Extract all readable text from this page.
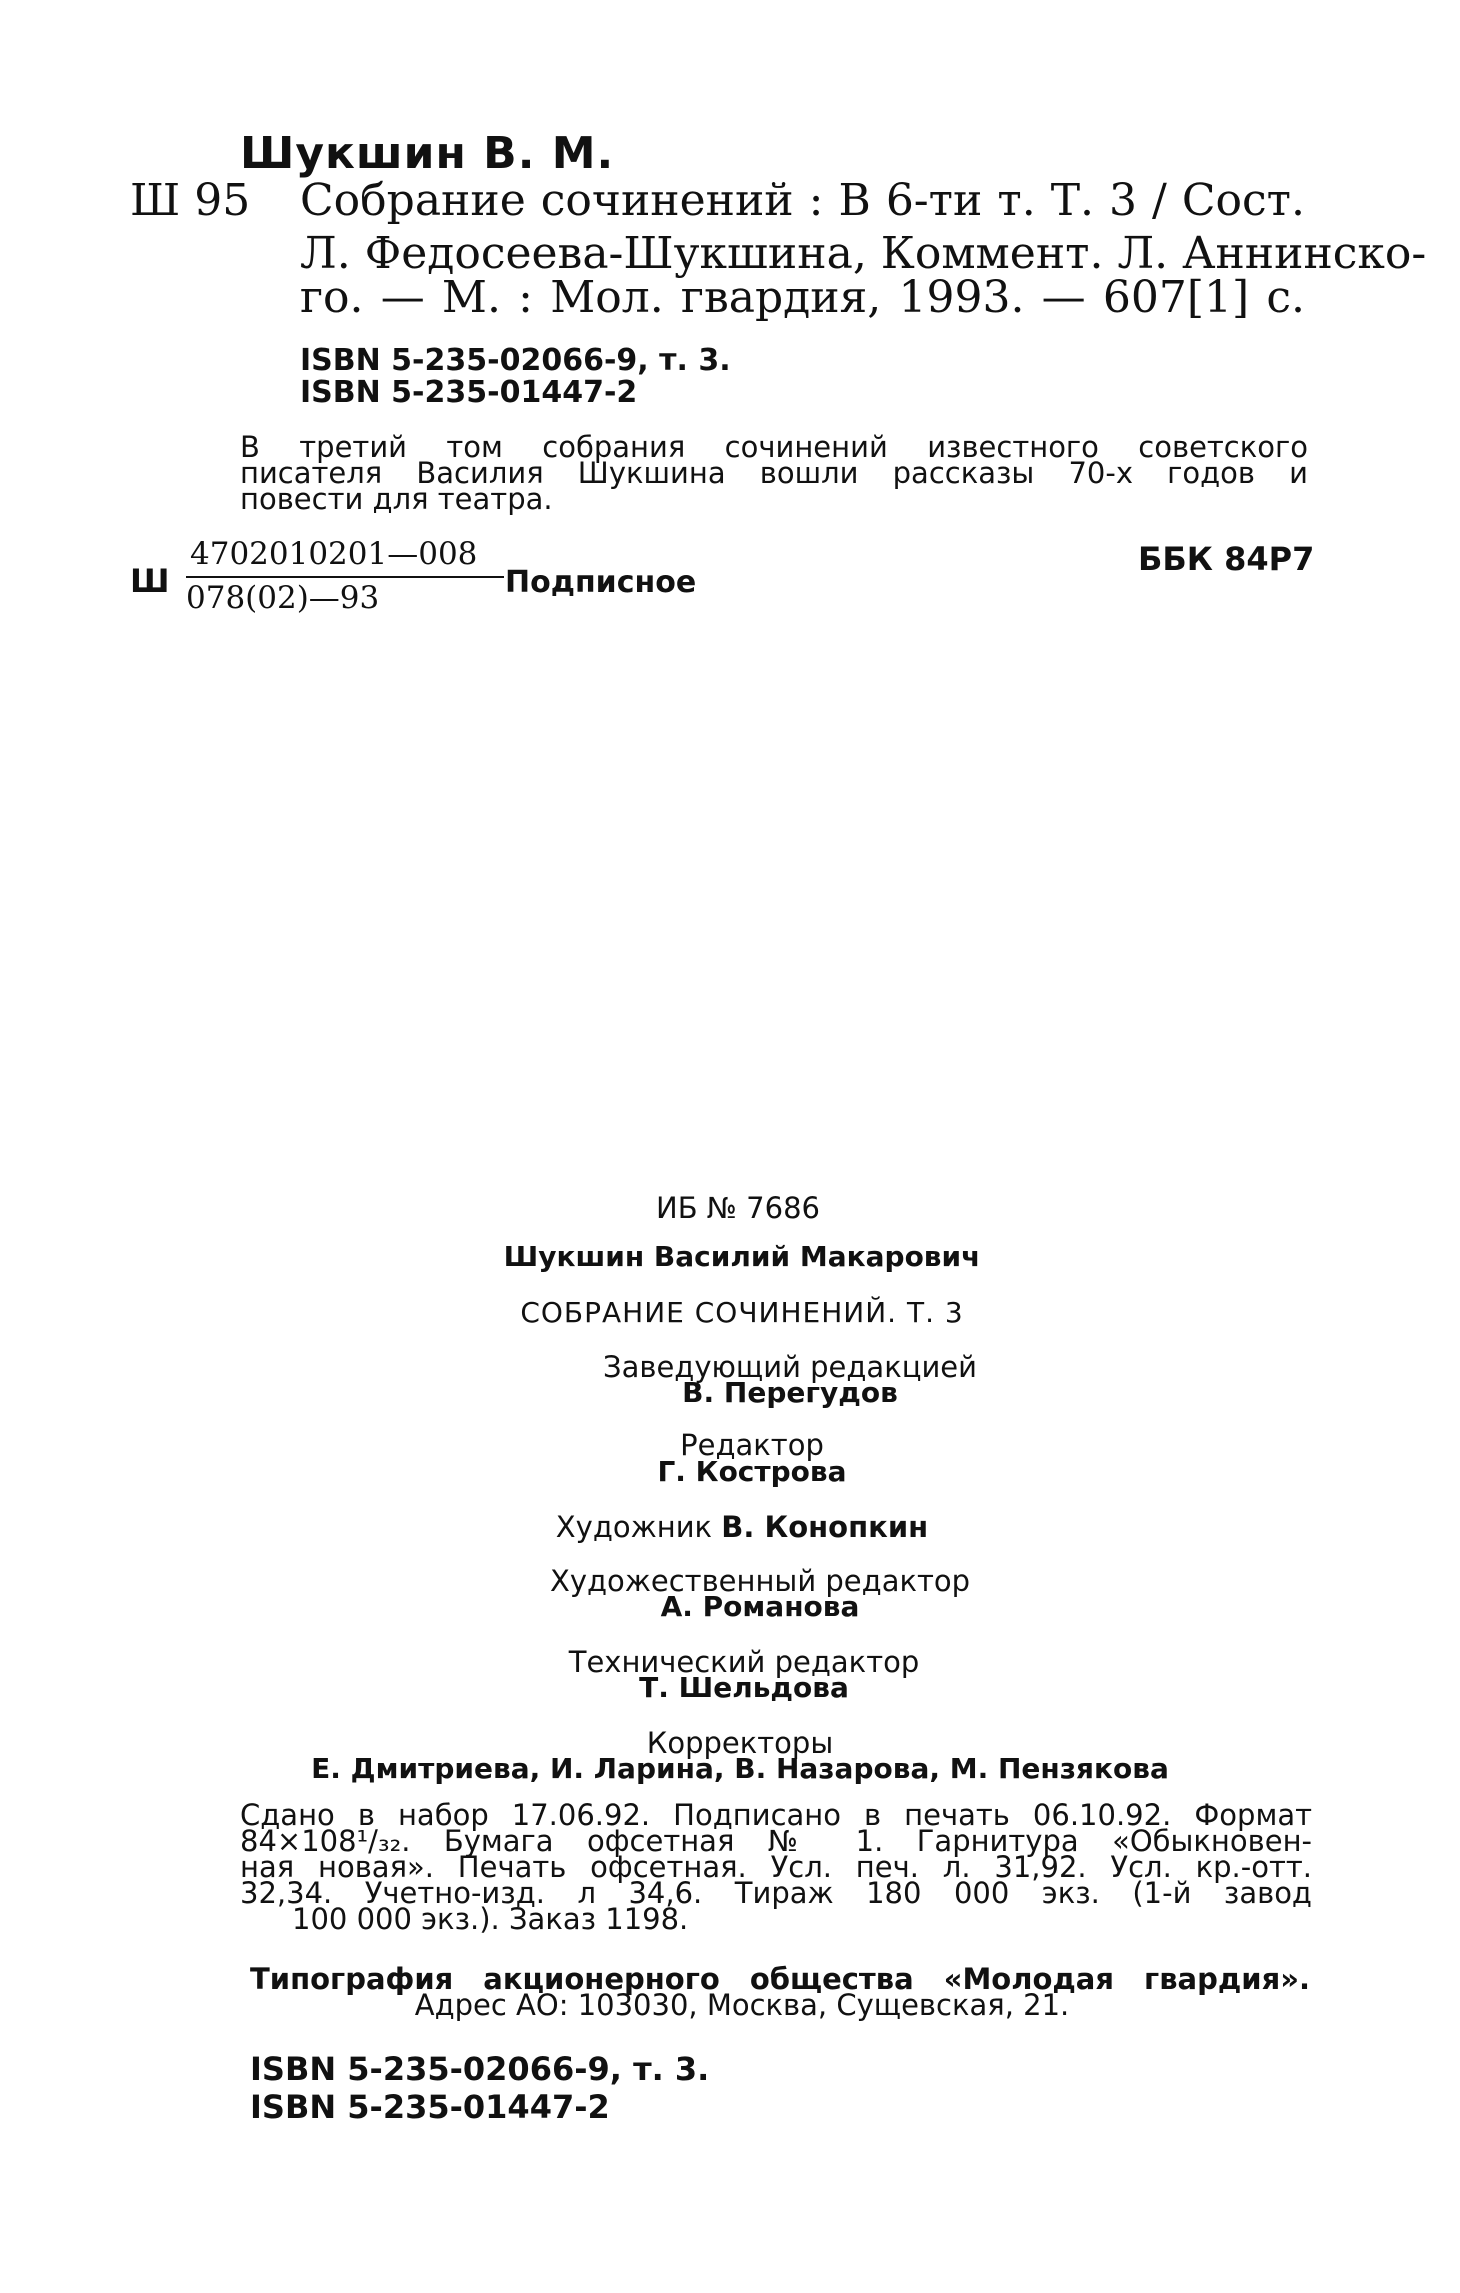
Шукшин В. М.
Ш 95 Собрание сочинений : В 6-ти т. Т. 3 / Сост.
Л. Федосеева-Шукшина, Коммент. Л. Аннинско-
го. — М. : Мол. гвардия, 1993. — 607[1] с.
ISBN 5-235-02066-9, т. 3.
ISBN 5-235-01447-2
В третий том собрания сочинений известного советского
писателя Василия Шукшина вошли рассказы 70-х годов и
повести для театра.
Ш
4702010201—008
078(02)—93	Подписное
ББК 84Р7
ИБ № 7686
Шукшин Василий Макарович
СОБРАНИЕ СОЧИНЕНИЙ. Т. 3
Заведующий редакцией
В. Перегудов
Редактор
Г. Кострова
Художник В. Конопкин
Художественный редактор
А. Романова
Технический редактор
Т. Шельдова
Корректоры
Е. Дмитриева, И. Ларина, В. Назарова, М. Пензякова
Сдано в набор 17.06.92. Подписано в печать 06.10.92. Формат
84×108¹/₃₂. Бумага офсетная № 1. Гарнитура «Обыкновен-
ная новая». Печать офсетная. Усл. печ. л. 31,92. Усл. кр.-отт.
32,34. Учетно-изд. л 34,6. Тираж 180 000 экз. (1-й завод
100 000 экз.). Заказ 1198.
Типография акционерного общества «Молодая гвардия».
Адрес АО: 103030, Москва, Сущевская, 21.
ISBN 5-235-02066-9, т. 3.
ISBN 5-235-01447-2
